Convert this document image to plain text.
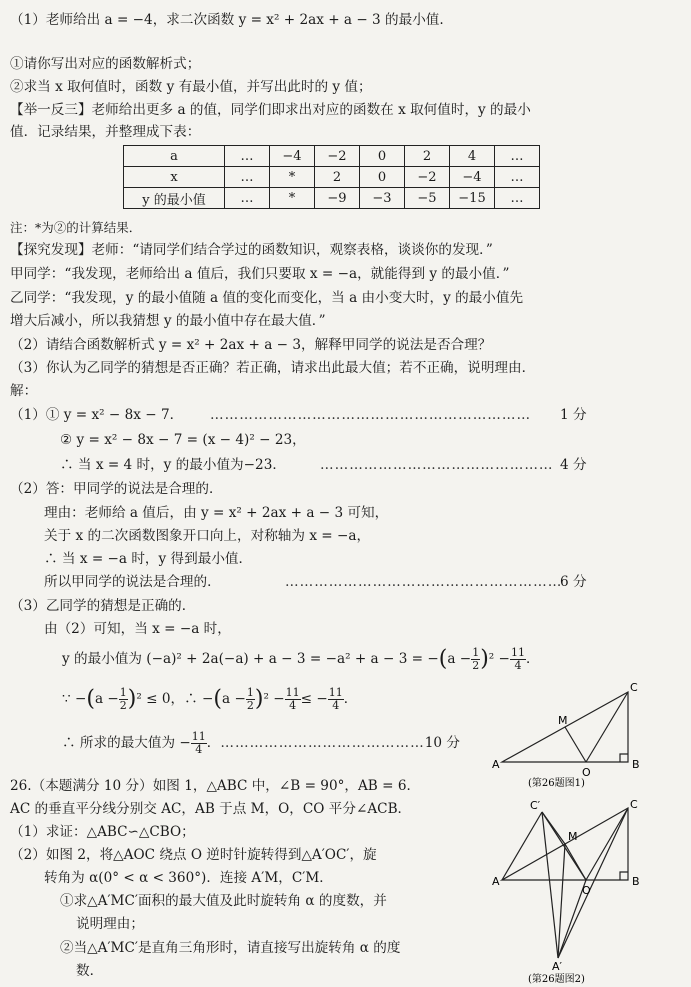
（1）老师给出 a = −4，求二次函数 y = x² + 2ax + a − 3 的最小值.
①请你写出对应的函数解析式；
②求当 x 取何值时，函数 y 有最小值，并写出此时的 y 值；
【举一反三】老师给出更多 a 的值，同学们即求出对应的函数在 x 取何值时，y 的最小
值．记录结果，并整理成下表：
a	…	−4	−2	0	2	4	…
x	…	*	2	0	−2	−4	…
y 的最小值	…	*	−9	−3	−5	−15	…
注：*为②的计算结果．
【探究发现】老师：“请同学们结合学过的函数知识，观察表格，谈谈你的发现．”
甲同学：“我发现，老师给出 a 值后，我们只要取 x = −a，就能得到 y 的最小值．”
乙同学：“我发现，y 的最小值随 a 值的变化而变化，当 a 由小变大时，y 的最小值先
增大后减小，所以我猜想 y 的最小值中存在最大值．”
（2）请结合函数解析式 y = x² + 2ax + a − 3，解释甲同学的说法是否合理？
（3）你认为乙同学的猜想是否正确？若正确，请求出此最大值；若不正确，说明理由．
解：
（1）① y = x² − 8x − 7． ………………………………………………………… 1 分
② y = x² − 8x − 7 = (x − 4)² − 23，
∴ 当 x = 4 时，y 的最小值为−23．	………………………………………… 4 分
（2）答：甲同学的说法是合理的．
理由：老师给 a 值后，由 y = x² + 2ax + a − 3 可知，
关于 x 的二次函数图象开口向上，对称轴为 x = −a，
∴ 当 x = −a 时，y 得到最小值．
所以甲同学的说法是合理的．	…………………………………………………
6 分
（3）乙同学的猜想是正确的．
由（2）可知，当 x = −a 时，
y 的最小值为 $(-a)^2 + 2a(-a) + a - 3 = -a^2 + a - 3 = -(a - \frac{1}{2} )^2 - \frac{11}{4}$ ．
∵ $-(a - \frac{1}{2} )^2 \le 0$，∴ $-(a - \frac{1}{2} )^2 - \frac{11}{4}$ ≤ − $\frac{11}{4}$ ．
∴ 所求的最大值为 − $\frac{11}{4}$ ．……………………………………10 分
26.（本题满分 10 分）如图 1，△ABC 中，∠B = 90°，AB = 6．
AC 的垂直平分线分别交 AC，AB 于点 M，O，CO 平分∠ACB．
（1）求证：△ABC∽△CBO；
（2）如图 2，将△AOC 绕点 O 逆时针旋转得到△A′OC′，旋
转角为 α(0° < α < 360°)．连接 A′M，C′M．
①求△A′MC′面积的最大值及此时旋转角 α 的度数，并
说明理由；
②当△A′MC′是直角三角形时，请直接写出旋转角 α 的度
数．
A	B
C
M
O
(第26题图1)
A	B
C
C′
M
O
A′
(第26题图2)
